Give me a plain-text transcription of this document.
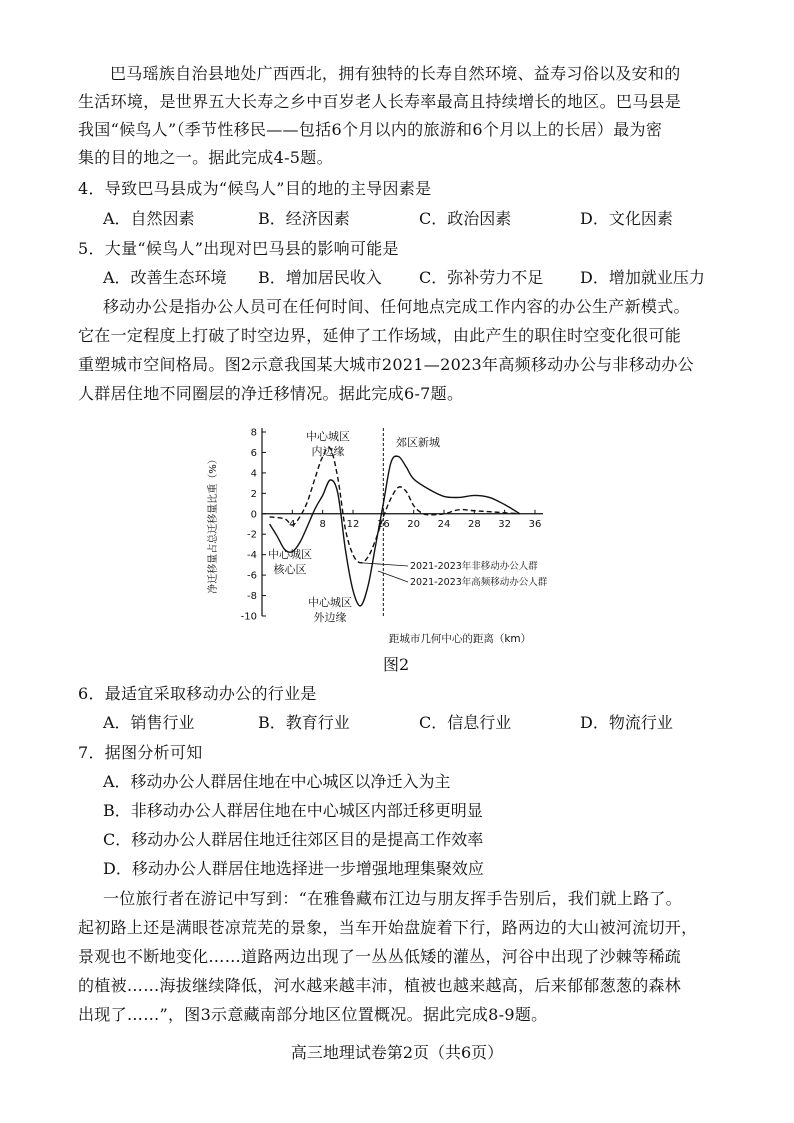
巴马瑶族自治县地处广西西北，拥有独特的长寿自然环境、益寿习俗以及安和的
生活环境，是世界五大长寿之乡中百岁老人长寿率最高且持续增长的地区。巴马县是
我国“候鸟人”（季节性移民——包括6个月以内的旅游和6个月以上的长居）最为密
集的目的地之一。据此完成4-5题。
4．导致巴马县成为“候鸟人”目的地的主导因素是
A．自然因素	B．经济因素	C．政治因素	D．文化因素
5．大量“候鸟人”出现对巴马县的影响可能是
A．改善生态环境 B．增加居民收入 C．弥补劳力不足 D．增加就业压力
移动办公是指办公人员可在任何时间、任何地点完成工作内容的办公生产新模式。
它在一定程度上打破了时空边界，延伸了工作场域，由此产生的职住时空变化很可能
重塑城市空间格局。图2示意我国某大城市2021—2023年高频移动办公与非移动办公
人群居住地不同圈层的净迁移情况。据此完成6-7题。
8
6
4
2
0
-2
-4
-6
-8
-10
4 8 12 16 20 24 28 32 36
净迁移量占总迁移量比重（%）
距城市几何中心的距离（km）
中心城区
内边缘
郊区新城
中心城区
核心区
中心城区
外边缘
2021-2023年非移动办公人群
2021-2023年高频移动办公人群
图2
6．最适宜采取移动办公的行业是
A．销售行业	B．教育行业	C．信息行业	D．物流行业
7．据图分析可知
A．移动办公人群居住地在中心城区以净迁入为主
B．非移动办公人群居住地在中心城区内部迁移更明显
C．移动办公人群居住地迁往郊区目的是提高工作效率
D．移动办公人群居住地选择进一步增强地理集聚效应
一位旅行者在游记中写到：“在雅鲁藏布江边与朋友挥手告别后，我们就上路了。
起初路上还是满眼苍凉荒芜的景象，当车开始盘旋着下行，路两边的大山被河流切开，
景观也不断地变化……道路两边出现了一丛丛低矮的灌丛，河谷中出现了沙棘等稀疏
的植被……海拔继续降低，河水越来越丰沛，植被也越来越高，后来郁郁葱葱的森林
出现了……”，图3示意藏南部分地区位置概况。据此完成8-9题。
高三地理试卷第2页（共6页）
